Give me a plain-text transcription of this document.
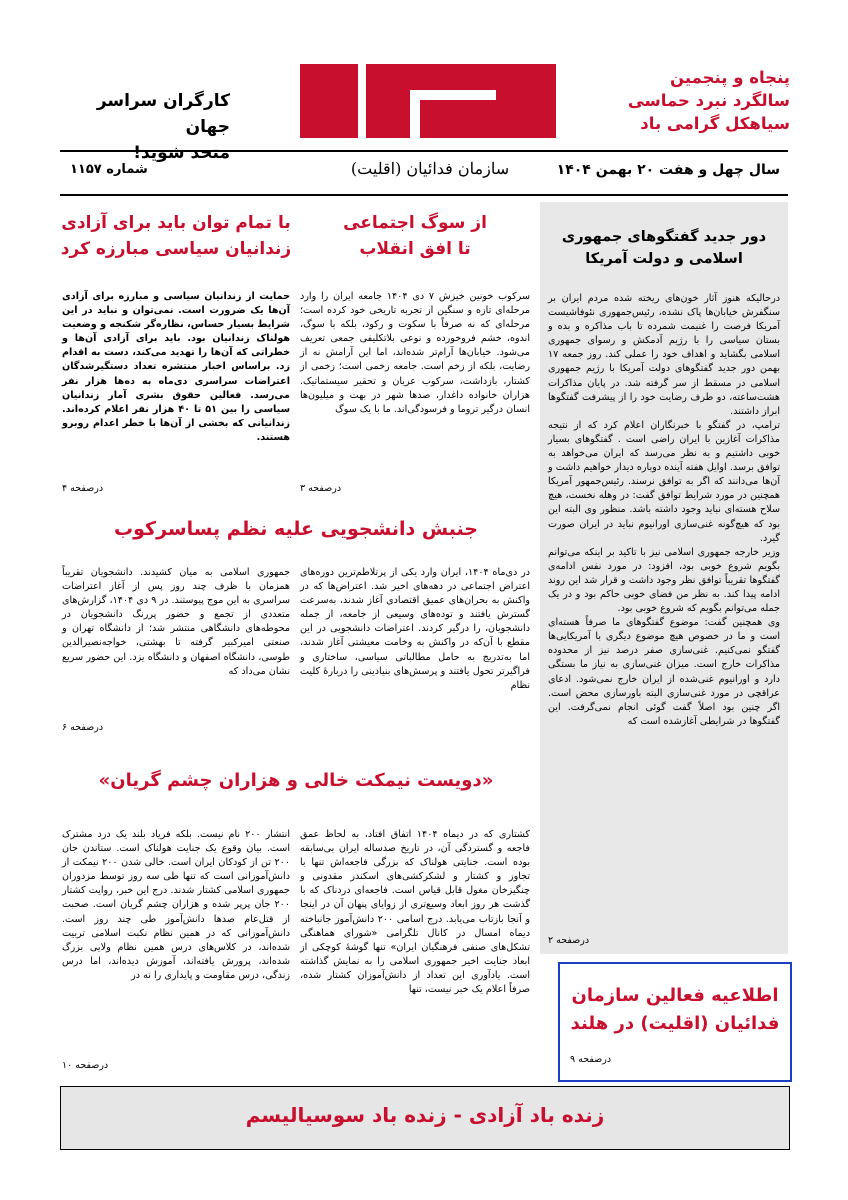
پنجاه و پنجمین
سالگرد نبرد حماسی
سیاهکل گرامی باد
کارگران سراسر جهان
متحد شوید!
سال چهل و هفت ۲۰ بهمن ۱۴۰۴
سازمان فدائیان (اقلیت)
شماره ۱۱۵۷
دور جدید گفتگوهای جمهوری
اسلامی و دولت آمریکا

درحالیکه هنوز آثار خون‌های ریخته شده مردم ایران بر سنگفرش خیابان‌ها پاک نشده، رئیس‌جمهوری نئوفاشیست آمریکا فرصت را غنیمت شمرده تا باب مذاکره و بده و بستان سیاسی را با رژیم آدمکش و رسوای جمهوری اسلامی بگشاید و اهداف خود را عملی کند. روز جمعه ۱۷ بهمن دور جدید گفتگوهای دولت آمریکا با رژیم جمهوری اسلامی در مسقط از سر گرفته شد. در پایان مذاکرات هشت‌ساعته، دو طرف رضایت خود را از پیشرفت گفتگوها ابراز داشتند.

ترامپ، در گفتگو با خبرنگاران اعلام کرد که از نتیجه مذاکرات آغازین با ایران راضی است . گفتگوهای بسیار خوبی داشتیم و به نظر می‌رسد که ایران می‌خواهد به توافق برسد. اوایل هفته آینده دوباره دیدار خواهیم داشت و آن‌ها می‌دانند که اگر به توافق نرسند. رئیس‌جمهور آمریکا همچنین در مورد شرایط توافق گفت: در وهله نخست، هیچ سلاح هسته‌ای نباید وجود داشته باشد. منظور وی البته این بود که هیچ‌گونه غنی‌سازی اورانیوم نباید در ایران صورت گیرد.

وزیر خارجه جمهوری اسلامی نیز با تاکید بر اینکه می‌توانم بگویم شروع خوبی بود، افزود: در مورد نفس ادامه‌ی گفتگوها تقریباً توافق نظر وجود داشت و قرار شد این روند ادامه پیدا کند. به نظر من فضای خوبی حاکم بود و در یک جمله می‌توانم بگویم که شروع خوبی بود.

وی همچنین گفت: موضوع گفتگوهای ما صرفاً هسته‌ای است و ما در خصوص هیچ موضوع دیگری با آمریکایی‌ها گفتگو نمی‌کنیم. غنی‌سازی صفر درصد نیز از محدوده مذاکرات خارج است. میزان غنی‌سازی به نیاز ما بستگی دارد و اورانیوم غنی‌شده از ایران خارج نمی‌شود. ادعای عراقچی در مورد غنی‌سازی البته باورسازی محض است. اگر چنین بود اصلاً گفت گوئی انجام نمی‌گرفت. این گفتگوها در شرایطی آغازشده است که

درصفحه ۲
از سوگ اجتماعی
تا افق انقلاب
سرکوب خونین خیزش ۷ دی ۱۴۰۴ جامعه ایران را وارد مرحله‌ای تازه و سنگین از تجربه تاریخی خود کرده است؛ مرحله‌ای که نه صرفاً با سکوت و رکود، بلکه با سوگ، اندوه، خشم فروخورده و نوعی بلاتکلیفی جمعی تعریف می‌شود. خیابان‌ها آرام‌تر شده‌اند، اما این آرامش نه از رضایت، بلکه از زخم است. جامعه زخمی است؛ زخمی از کشتار، بازداشت، سرکوب عریان و تحقیر سیستماتیک. هزاران خانواده داغدار، صدها شهر در بهت و میلیون‌ها انسان درگیر تروما و فرسودگی‌اند. ما با یک سوگ
درصفحه ۳
با تمام توان باید برای آزادی
زندانیان سیاسی مبارزه کرد
حمایت از زندانیان سیاسی و مبارزه برای آزادی آن‌ها یک ضرورت است. نمی‌توان و نباید در این شرایط بسیار حساس، نظاره‌گر شکنجه و وضعیت هولناک زندانیان بود. باید برای آزادی آن‌ها و خطراتی که آن‌ها را تهدید می‌کند، دست به اقدام زد. براساس اخبار منتشره تعداد دستگیرشدگان اعتراضات سراسری دی‌ماه به ده‌ها هزار نفر می‌رسد. فعالین حقوق بشری آمار زندانیان سیاسی را بین ۵۱ تا ۴۰ هزار نفر اعلام کرده‌اند. زندانیانی که بخشی از آن‌ها با خطر اعدام روبرو هستند.
درصفحه ۴
جنبش دانشجویی علیه نظم پساسرکوب
در دی‌ماه ۱۴۰۴، ایران وارد یکی از پرتلاطم‌ترین دوره‌های اعتراض اجتماعی در دهه‌های اخیر شد. اعتراض‌ها که در واکنش به بحران‌های عمیق اقتصادی آغاز شدند، به‌سرعت گسترش یافتند و توده‌های وسیعی از جامعه، از جمله دانشجویان، را درگیر کردند. اعتراضات دانشجویی در این مقطع با آن‌که در واکنش به وخامت معیشتی آغاز شدند، اما به‌تدریج به حامل مطالباتی سیاسی، ساختاری و فراگیرتر تحول یافتند و پرسش‌های بنیادینی را درباره‌ٔ کلیت نظام
جمهوری اسلامی به میان کشیدند. دانشجویان تقریباً همزمان با ظرف چند روز پس از آغاز اعتراضات سراسری به این موج پیوستند. در ۹ دی ۱۴۰۴، گزارش‌های متعددی از تجمع و حضور پررنگ دانشجویان در محوطه‌های دانشگاهی منتشر شد؛ از دانشگاه تهران و صنعتی امیرکبیر گرفته تا بهشتی، خواجه‌نصیرالدین طوسی، دانشگاه اصفهان و دانشگاه یزد. این حضور سریع نشان می‌داد که
درصفحه ۶
«دویست نیمکت خالی و هزاران چشم گریان»
کشتاری که در دیماه ۱۴۰۴ اتفاق افتاد، به لحاظ عمق فاجعه و گستردگی آن، در تاریخ صدساله ایران بی‌سابقه بوده است. جنایتی هولناک که بزرگی فاجعه‌اش تنها با تجاوز و کشتار و لشکرکشی‌های اسکندر مقدونی و چنگیزخان مغول قابل قیاس است. فاجعه‌ای دردناک که با گذشت هر روز ابعاد وسیع‌تری از زوایای پنهان آن در اینجا و آنجا بازتاب می‌یابد. درج اسامی ۲۰۰ دانش‌آموز جانباخته دیماه امسال در کانال تلگرامی «شورای هماهنگی تشکل‌های صنفی فرهنگیان ایران» تنها گوشهٔ کوچکی از ابعاد جنایت اخیر جمهوری اسلامی را به نمایش گذاشته است. یادآوری این تعداد از دانش‌آموزان کشتار شده، صرفاً اعلام یک خبر نیست، تنها
انتشار ۲۰۰ نام نیست. بلکه فریاد بلند یک درد مشترک است. بیان وقوع یک جنایت هولناک است. ستاندن جان ۲۰۰ تن از کودکان ایران است. خالی شدن ۲۰۰ نیمکت از دانش‌آموزانی است که تنها طی سه روز توسط مزدوران جمهوری اسلامی کشتار شدند. درج این خبر، روایت کشتار ۲۰۰ جان پرپر شده و هزاران چشم گریان است. صحبت از قتل‌عام صدها دانش‌آموز طی چند روز است. دانش‌آموزانی که در همین نظام نکبت اسلامی تربیت شده‌اند، در کلاس‌های درس همین نظام ولایی بزرگ شده‌اند، پرورش یافته‌اند، آموزش دیده‌اند، اما درس زندگی، درس مقاومت و پایداری را نه در
درصفحه ۱۰
اطلاعیه فعالین سازمان
فدائیان (اقلیت) در هلند
درصفحه ۹
زنده باد آزادی - زنده باد سوسیالیسم
